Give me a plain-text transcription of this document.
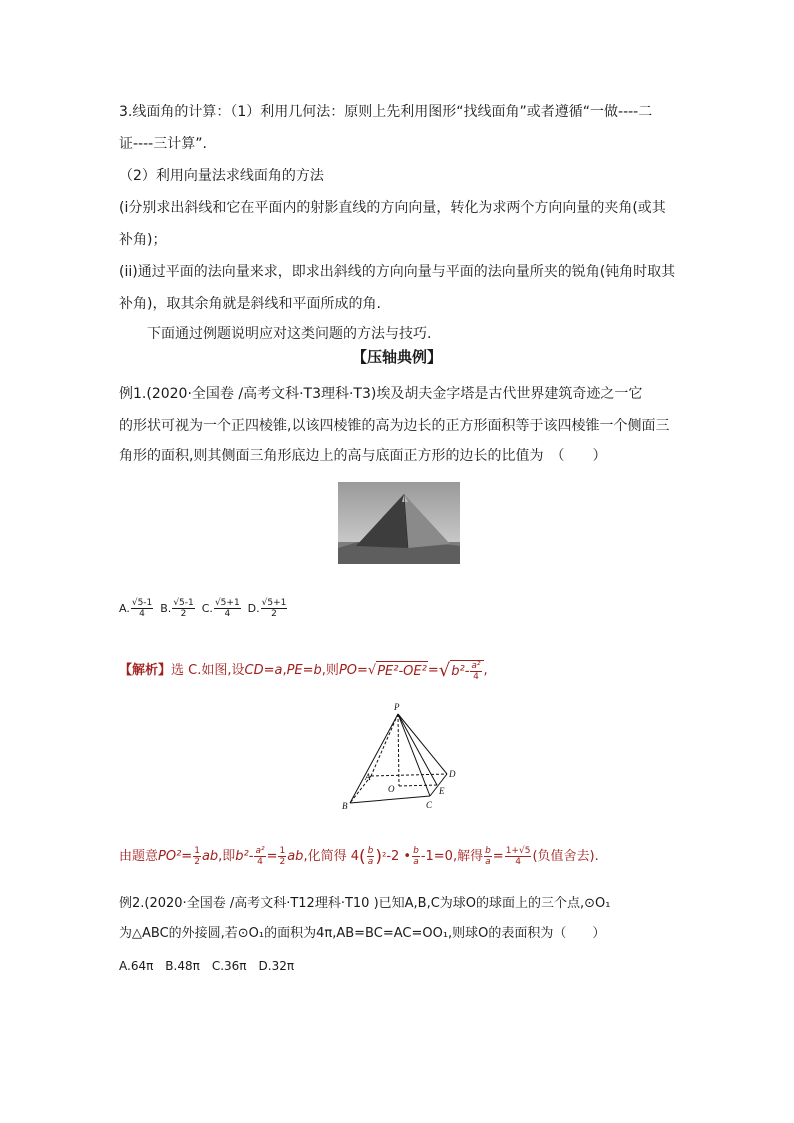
3.线面角的计算：（1）利用几何法：原则上先利用图形“找线面角”或者遵循“一做----二
证----三计算”.
（2）利用向量法求线面角的方法
(i分别求出斜线和它在平面内的射影直线的方向向量，转化为求两个方向向量的夹角(或其
补角)；
(ii)通过平面的法向量来求，即求出斜线的方向向量与平面的法向量所夹的锐角(钝角时取其
补角)，取其余角就是斜线和平面所成的角.
下面通过例题说明应对这类问题的方法与技巧.
【压轴典例】
例1.(2020·全国卷 /高考文科·T3理科·T3)埃及胡夫金字塔是古代世界建筑奇迹之一它
的形状可视为一个正四棱锥,以该四棱锥的高为边长的正方形面积等于该四棱锥一个侧面三
角形的面积,则其侧面三角形底边上的高与底面正方形的边长的比值为　（　　）
A. $\frac{√5-1}{4} B$. $\frac{√5-1}{2} C$. $\frac{√5+1}{4} D$. $\frac{√5+1}{2}$
【解析】 选 C.如图,设 CD=a , PE=b ,则 PO = √ PE²-OE² = √ $b^2- \frac{\text{a²}}{4}$ ,
P
A
B	C
D
E
O
由题意 $PO^2= \frac{1}{2}$ ab ,即 $b^2- \frac{\text{a²}}{4} = \frac{1}{2}$ ab ,化简得 4 ( $\frac{b}{a}$ ) ² -2 • $\frac{b}{a} -1=0$,解得 $\frac{b}{a} = \frac{1+√5}{4}$ (负值舍去).
例2.(2020·全国卷 /高考文科·T12理科·T10 )已知A,B,C为球O的球面上的三个点,⊙O₁
为△ABC的外接圆,若⊙O₁的面积为4π,AB=BC=AC=OO₁,则球O的表面积为（　　）
A.64π　B.48π　C.36π　D.32π
